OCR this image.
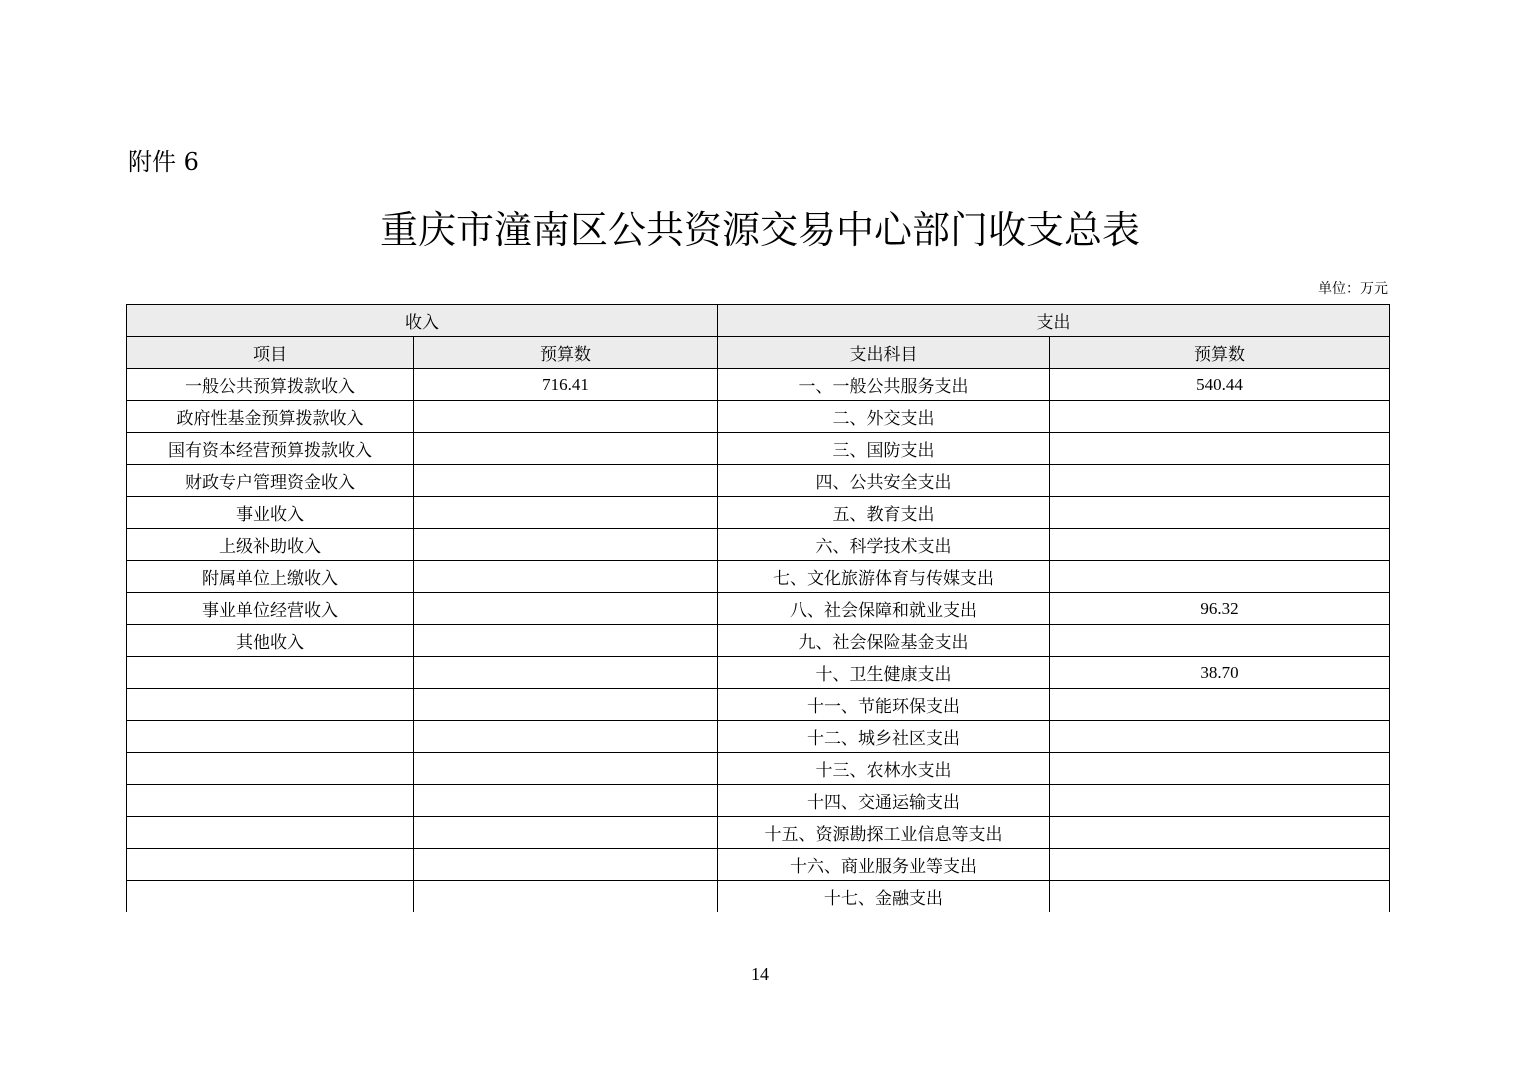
附件 6
重庆市潼南区公共资源交易中心部门收支总表
单位：万元
收入		支出	
项目	预算数	支出科目	预算数
一般公共预算拨款收入	716.41	一、一般公共服务支出	540.44
政府性基金预算拨款收入		二、外交支出	
国有资本经营预算拨款收入		三、国防支出	
财政专户管理资金收入		四、公共安全支出	
事业收入		五、教育支出	
上级补助收入		六、科学技术支出	
附属单位上缴收入		七、文化旅游体育与传媒支出	
事业单位经营收入		八、社会保障和就业支出	96.32
其他收入		九、社会保险基金支出	
		十、卫生健康支出	38.70
		十一、节能环保支出	
		十二、城乡社区支出	
		十三、农林水支出	
		十四、交通运输支出	
		十五、资源勘探工业信息等支出	
		十六、商业服务业等支出	
		十七、金融支出	
14
